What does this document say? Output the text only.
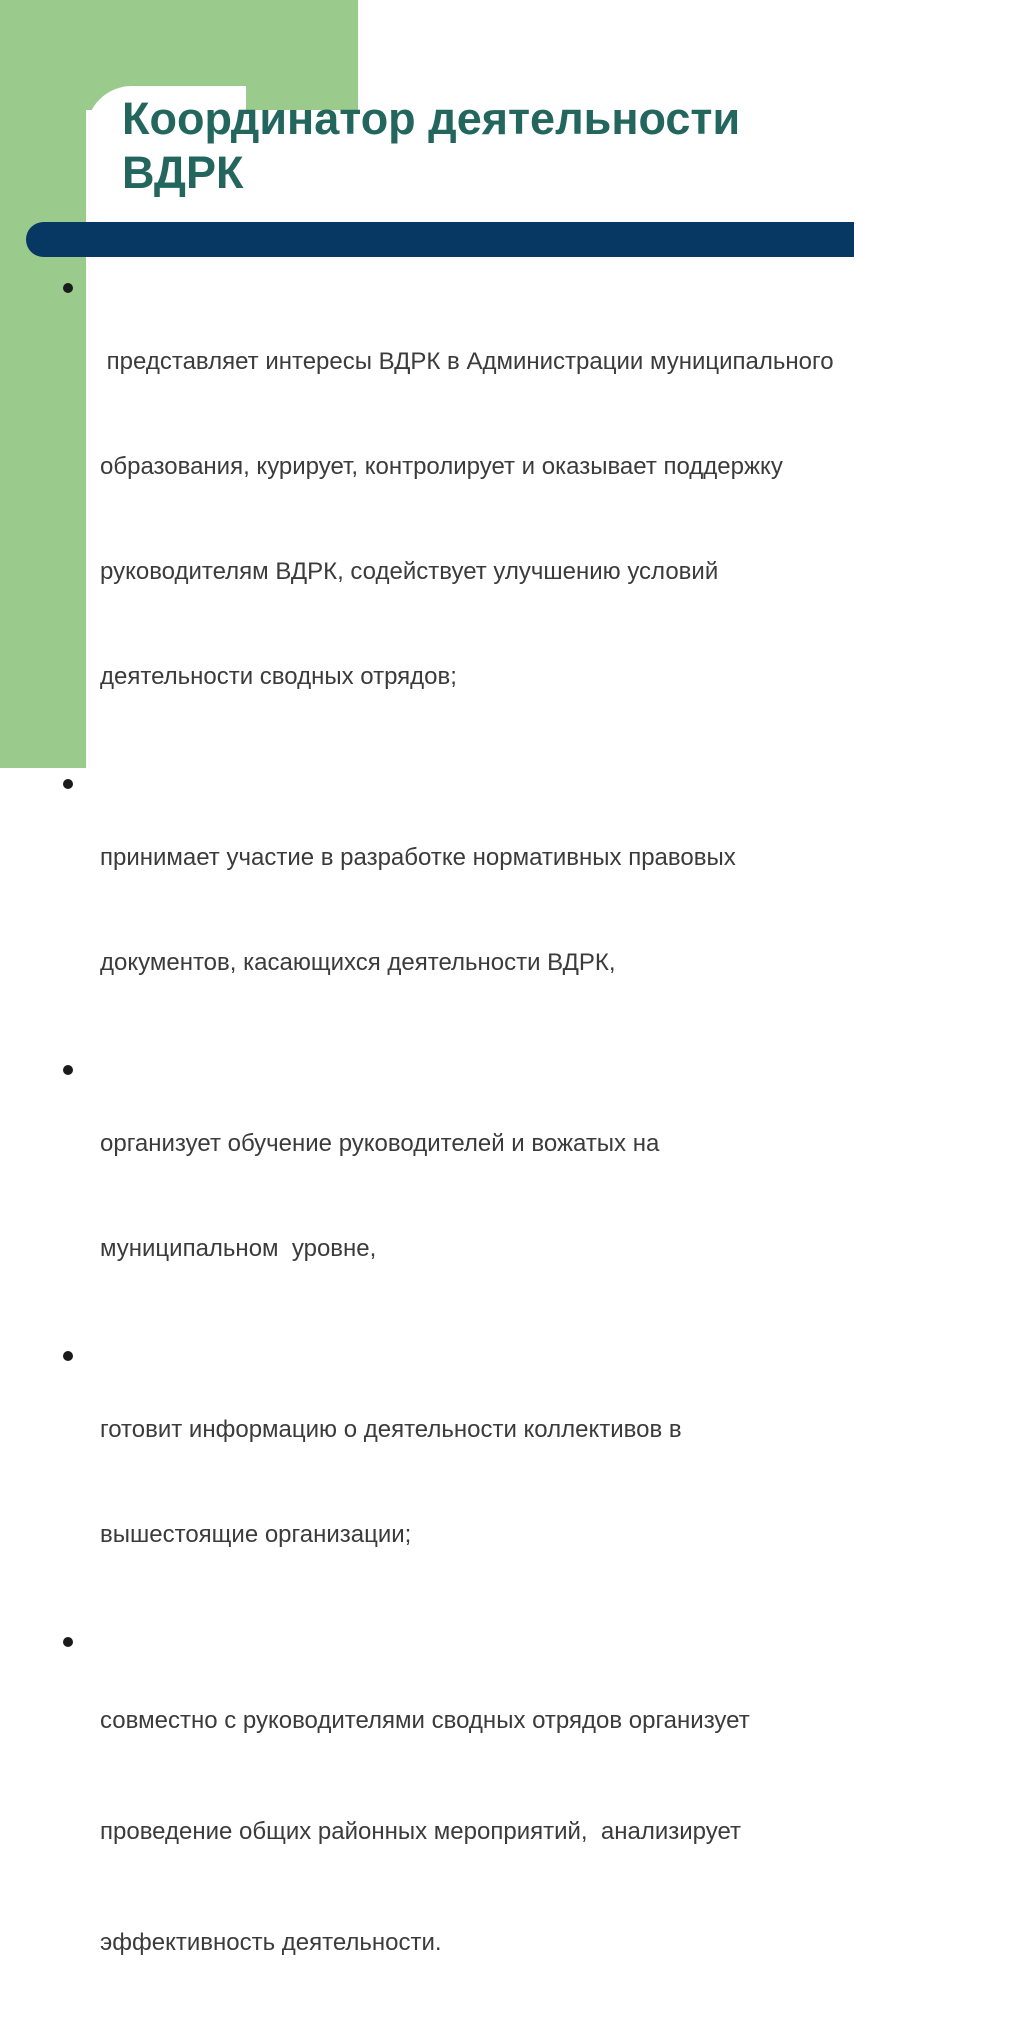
Координатор деятельности
ВДРК

представляет интересы ВДРК в Администрации муниципального

образования, курирует, контролирует и оказывает поддержку

руководителям ВДРК, содействует улучшению условий

деятельности сводных отрядов;

принимает участие в разработке нормативных правовых

документов, касающихся деятельности ВДРК,

организует обучение руководителей и вожатых на

муниципальном  уровне,

готовит информацию о деятельности коллективов в

вышестоящие организации;

совместно с руководителями сводных отрядов организует

проведение общих районных мероприятий,  анализирует

эффективность деятельности.
